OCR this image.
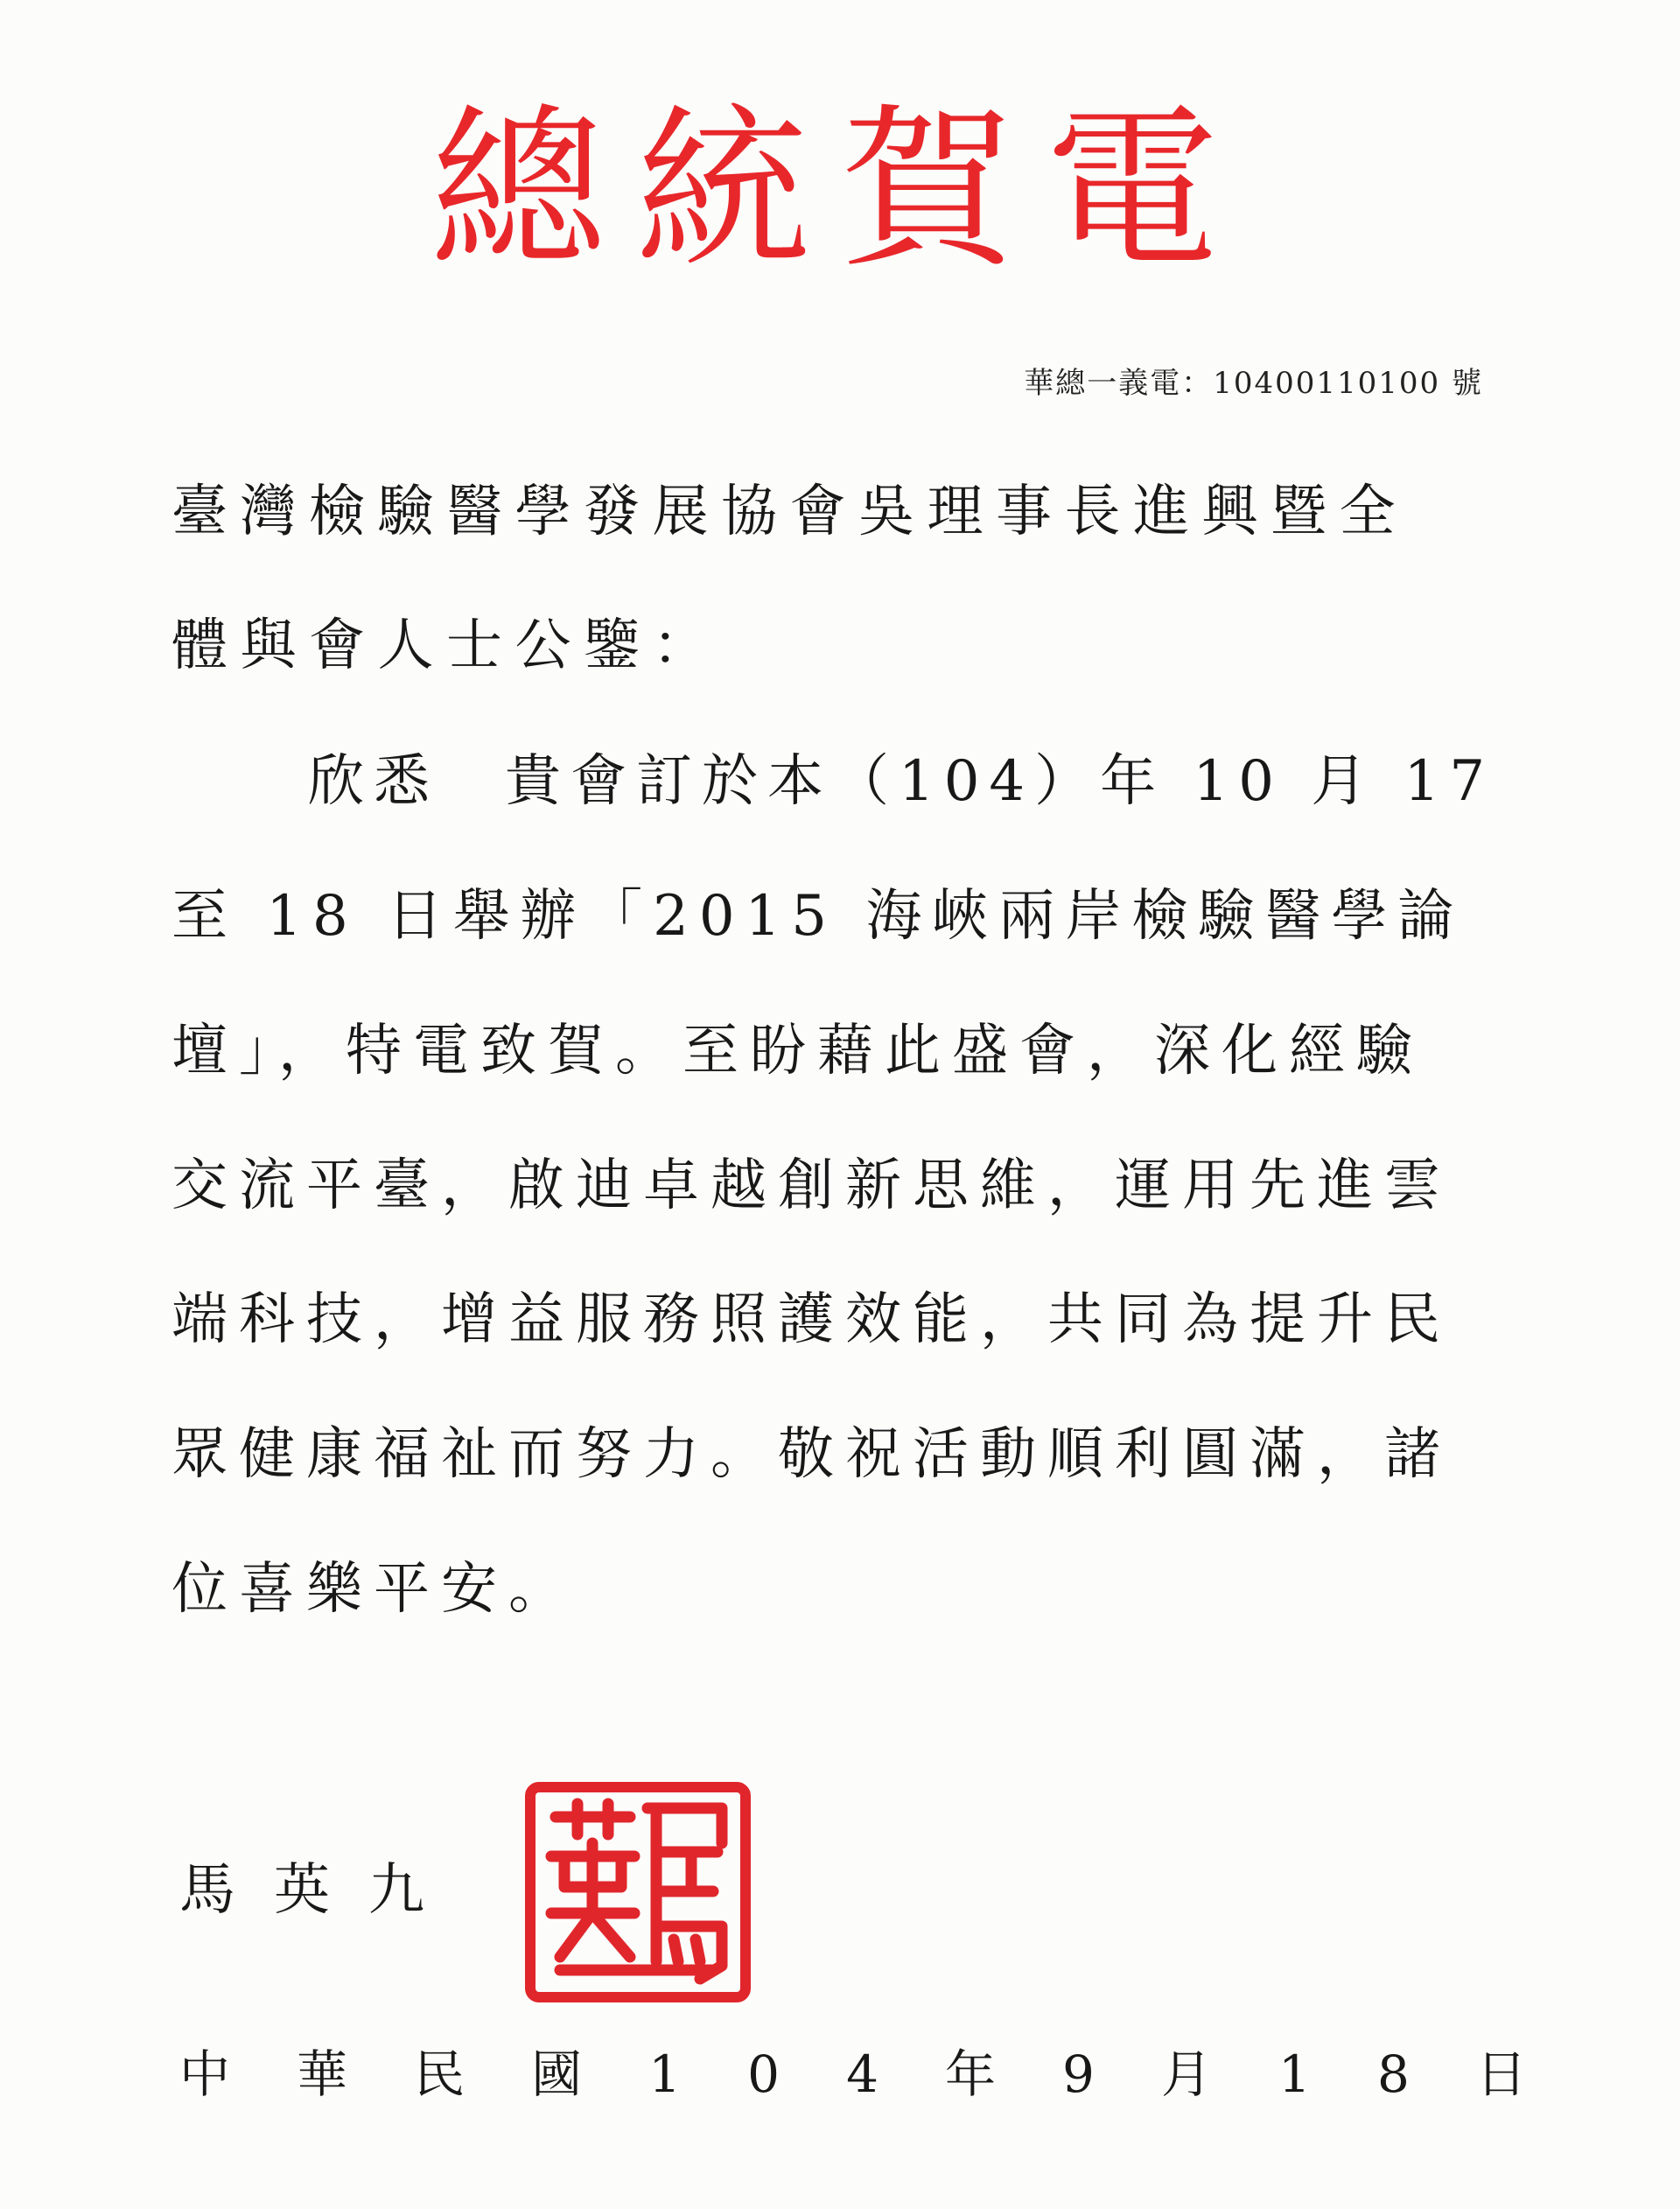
總統賀電
華總一義電：10400110100 號
臺灣檢驗醫學發展協會吳理事長進興暨全
體與會人士公鑒：
欣悉　貴會訂於本（104）年 10 月 17
至 18 日舉辦「2015 海峽兩岸檢驗醫學論
壇」，特電致賀。至盼藉此盛會，深化經驗
交流平臺，啟迪卓越創新思維，運用先進雲
端科技，增益服務照護效能，共同為提升民
眾健康福祉而努力。敬祝活動順利圓滿，諸
位喜樂平安。
馬英九
中 華 民 國 1 0 4 年 9 月 1 8 日
